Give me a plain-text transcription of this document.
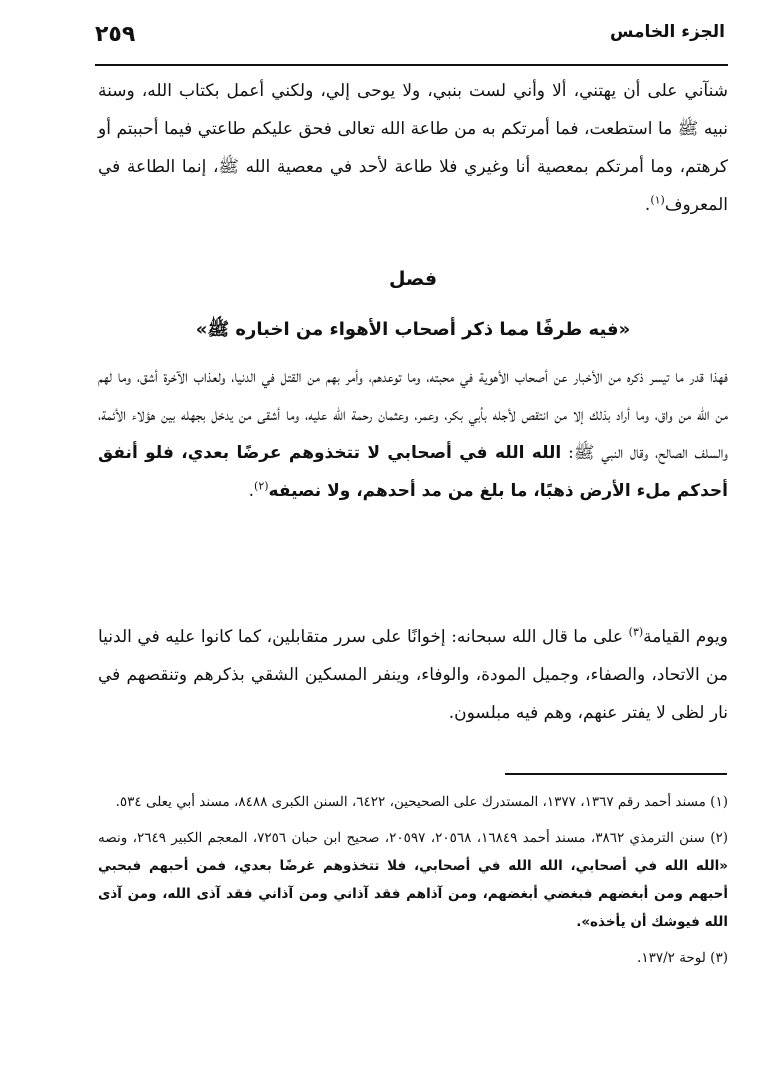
٢٥٩	الجزء الخامس

شنآني على أن يهتني، ألا وأني لست بنبي، ولا يوحى إلي، ولكني أعمل بكتاب الله، وسنة نبيه ﷺ ما استطعت، فما أمرتكم به من طاعة الله تعالى فحق عليكم طاعتي فيما أحببتم أو كرهتم، وما أمرتكم بمعصية أنا وغيري فلا طاعة لأحد في معصية الله ﷺ، إنما الطاعة في المعروف$^{(١)}$.

فصل
«فيه طرفًا مما ذكر أصحاب الأهواء من اخباره ﷺ»

فهذا قدر ما تيسر ذكره من الأخبار عن أصحاب الأهوية في محبته، وما توعدهم، وأمر بهم من القتل في الدنيا، ولعذاب الآخرة أشق، وما لهم من الله من واق، وما أراد بذلك إلا من انتقص لأجله بأبي بكر، وعمر، وعثمان رحمة الله عليه، وما أشقى من يدخل بجهله بين هؤلاء الأئمة، والسلف الصالح، وقال النبي ﷺ: الله الله في أصحابي لا تتخذوهم عرضًا بعدي، فلو أنفق أحدكم ملء الأرض ذهبًا، ما بلغ من مد أحدهم، ولا نصيفه$^{(٢)}$.

ويوم القيامة$^{(٣)}$ على ما قال الله سبحانه: إخوانًا على سرر متقابلين، كما كانوا عليه في الدنيا من الاتحاد، والصفاء، وجميل المودة، والوفاء، وينفر المسكين الشقي بذكرهم وتنقصهم في نار لظى لا يفتر عنهم، وهم فيه مبلسون.

(١) مسند أحمد رقم ١٣٦٧، ١٣٧٧، المستدرك على الصحيحين، ٦٤٢٢، السنن الكبرى ٨٤٨٨، مسند أبي يعلى ٥٣٤.

(٢) سنن الترمذي ٣٨٦٢، مسند أحمد ١٦٨٤٩، ٢٠٥٦٨، ٢٠٥٩٧، صحيح ابن حبان ٧٢٥٦، المعجم الكبير ٢٦٤٩، ونصه «الله الله في أصحابي، الله الله في أصحابي، فلا تتخذوهم غرضًا بعدي، فمن أحبهم فبحبي أحبهم ومن أبغضهم فبغضي أبغضهم، ومن آذاهم فقد آذاني ومن آذاني فقد آذى الله، ومن آذى الله فيوشك أن يأخذه».

(٣) لوحة ١٣٧/٢.
